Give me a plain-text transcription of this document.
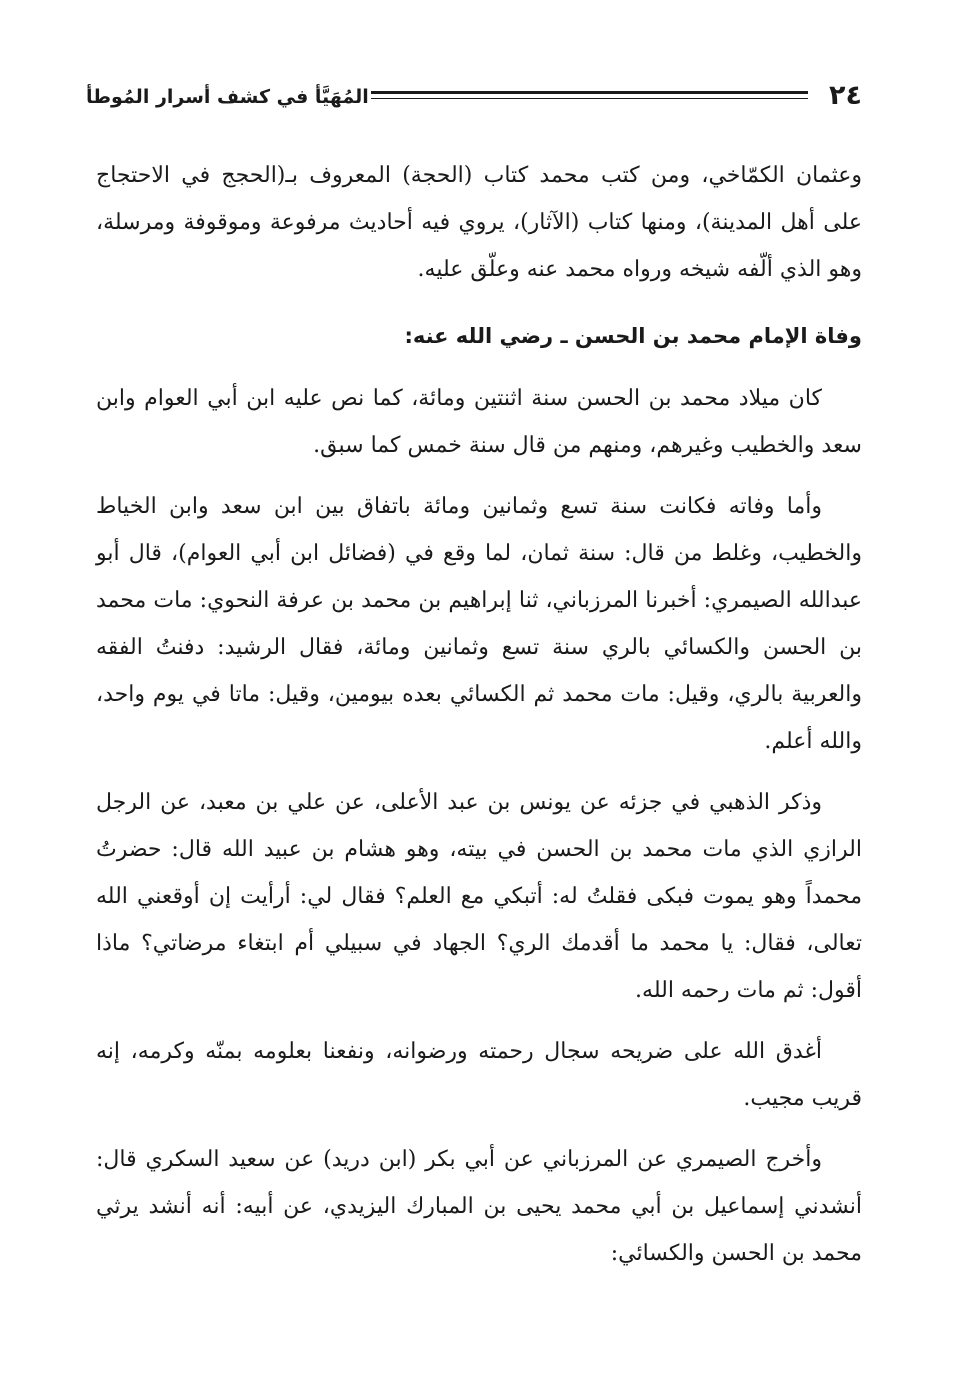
٢٤
المُهَيَّأ في كشف أسرار المُوطأ

وعثمان الكمّاخي، ومن كتب محمد كتاب (الحجة) المعروف بـ(الحجج في الاحتجاج على أهل المدينة)، ومنها كتاب (الآثار)، يروي فيه أحاديث مرفوعة وموقوفة ومرسلة، وهو الذي ألّفه شيخه ورواه محمد عنه وعلّق عليه.

وفاة الإمام محمد بن الحسن ـ رضي الله عنه:

كان ميلاد محمد بن الحسن سنة اثنتين ومائة، كما نص عليه ابن أبي العوام وابن سعد والخطيب وغيرهم، ومنهم من قال سنة خمس كما سبق.

وأما وفاته فكانت سنة تسع وثمانين ومائة باتفاق بين ابن سعد وابن الخياط والخطيب، وغلط من قال: سنة ثمان، لما وقع في (فضائل ابن أبي العوام)، قال أبو عبدالله الصيمري: أخبرنا المرزباني، ثنا إبراهيم بن محمد بن عرفة النحوي: مات محمد بن الحسن والكسائي بالري سنة تسع وثمانين ومائة، فقال الرشيد: دفنتُ الفقه والعربية بالري، وقيل: مات محمد ثم الكسائي بعده بيومين، وقيل: ماتا في يوم واحد، والله أعلم.

وذكر الذهبي في جزئه عن يونس بن عبد الأعلى، عن علي بن معبد، عن الرجل الرازي الذي مات محمد بن الحسن في بيته، وهو هشام بن عبيد الله قال: حضرتُ محمداً وهو يموت فبكى فقلتُ له: أتبكي مع العلم؟ فقال لي: أرأيت إن أوقعني الله تعالى، فقال: يا محمد ما أقدمك الري؟ الجهاد في سبيلي أم ابتغاء مرضاتي؟ ماذا أقول: ثم مات رحمه الله.

أغدق الله على ضريحه سجال رحمته ورضوانه، ونفعنا بعلومه بمنّه وكرمه، إنه قريب مجيب.

وأخرج الصيمري عن المرزباني عن أبي بكر (ابن دريد) عن سعيد السكري قال: أنشدني إسماعيل بن أبي محمد يحيى بن المبارك اليزيدي، عن أبيه: أنه أنشد يرثي محمد بن الحسن والكسائي:
